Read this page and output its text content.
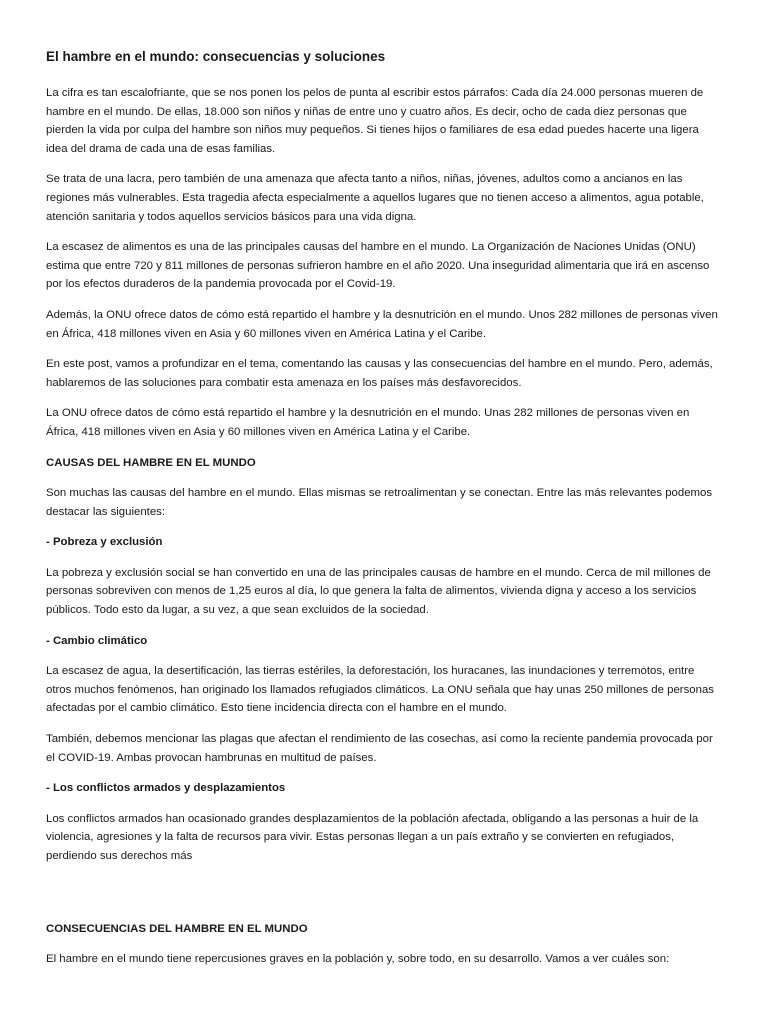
El hambre en el mundo: consecuencias y soluciones

La cifra es tan escalofriante, que se nos ponen los pelos de punta al escribir estos párrafos: Cada día 24.000 personas mueren de hambre en el mundo. De ellas, 18.000 son niños y niñas de entre uno y cuatro años. Es decir, ocho de cada diez personas que pierden la vida por culpa del hambre son niños muy pequeños. Si tienes hijos o familiares de esa edad puedes hacerte una ligera idea del drama de cada una de esas familias.

Se trata de una lacra, pero también de una amenaza que afecta tanto a niños, niñas, jóvenes, adultos como a ancianos en las regiones más vulnerables. Esta tragedia afecta especialmente a aquellos lugares que no tienen acceso a alimentos, agua potable, atención sanitaria y todos aquellos servicios básicos para una vida digna.

La escasez de alimentos es una de las principales causas del hambre en el mundo. La Organización de Naciones Unidas (ONU) estima que entre 720 y 811 millones de personas sufrieron hambre en el año 2020. Una inseguridad alimentaria que irá en ascenso por los efectos duraderos de la pandemia provocada por el Covid-19.

Además, la ONU ofrece datos de cómo está repartido el hambre y la desnutrición en el mundo. Unos 282 millones de personas viven en África, 418 millones viven en Asia y 60 millones viven en América Latina y el Caribe.

En este post, vamos a profundizar en el tema, comentando las causas y las consecuencias del hambre en el mundo. Pero, además, hablaremos de las soluciones para combatir esta amenaza en los países más desfavorecidos.

La ONU ofrece datos de cómo está repartido el hambre y la desnutrición en el mundo. Unas 282 millones de personas viven en África, 418 millones viven en Asia y 60 millones viven en América Latina y el Caribe.

CAUSAS DEL HAMBRE EN EL MUNDO

Son muchas las causas del hambre en el mundo. Ellas mismas se retroalimentan y se conectan. Entre las más relevantes podemos destacar las siguientes:

- Pobreza y exclusión

La pobreza y exclusión social se han convertido en una de las principales causas de hambre en el mundo. Cerca de mil millones de personas sobreviven con menos de 1,25 euros al día, lo que genera la falta de alimentos, vivienda digna y acceso a los servicios públicos. Todo esto da lugar, a su vez, a que sean excluidos de la sociedad.

- Cambio climático

La escasez de agua, la desertificación, las tierras estériles, la deforestación, los huracanes, las inundaciones y terremotos, entre otros muchos fenómenos, han originado los llamados refugiados climáticos. La ONU señala que hay unas 250 millones de personas afectadas por el cambio climático. Esto tiene incidencia directa con el hambre en el mundo.

También, debemos mencionar las plagas que afectan el rendimiento de las cosechas, así como la reciente pandemia provocada por el COVID-19. Ambas provocan hambrunas en multitud de países.

- Los conflictos armados y desplazamientos

Los conflictos armados han ocasionado grandes desplazamientos de la población afectada, obligando a las personas a huir de la violencia, agresiones y la falta de recursos para vivir. Estas personas llegan a un país extraño y se convierten en refugiados, perdiendo sus derechos más

CONSECUENCIAS DEL HAMBRE EN EL MUNDO

El hambre en el mundo tiene repercusiones graves en la población y, sobre todo, en su desarrollo. Vamos a ver cuáles son:
